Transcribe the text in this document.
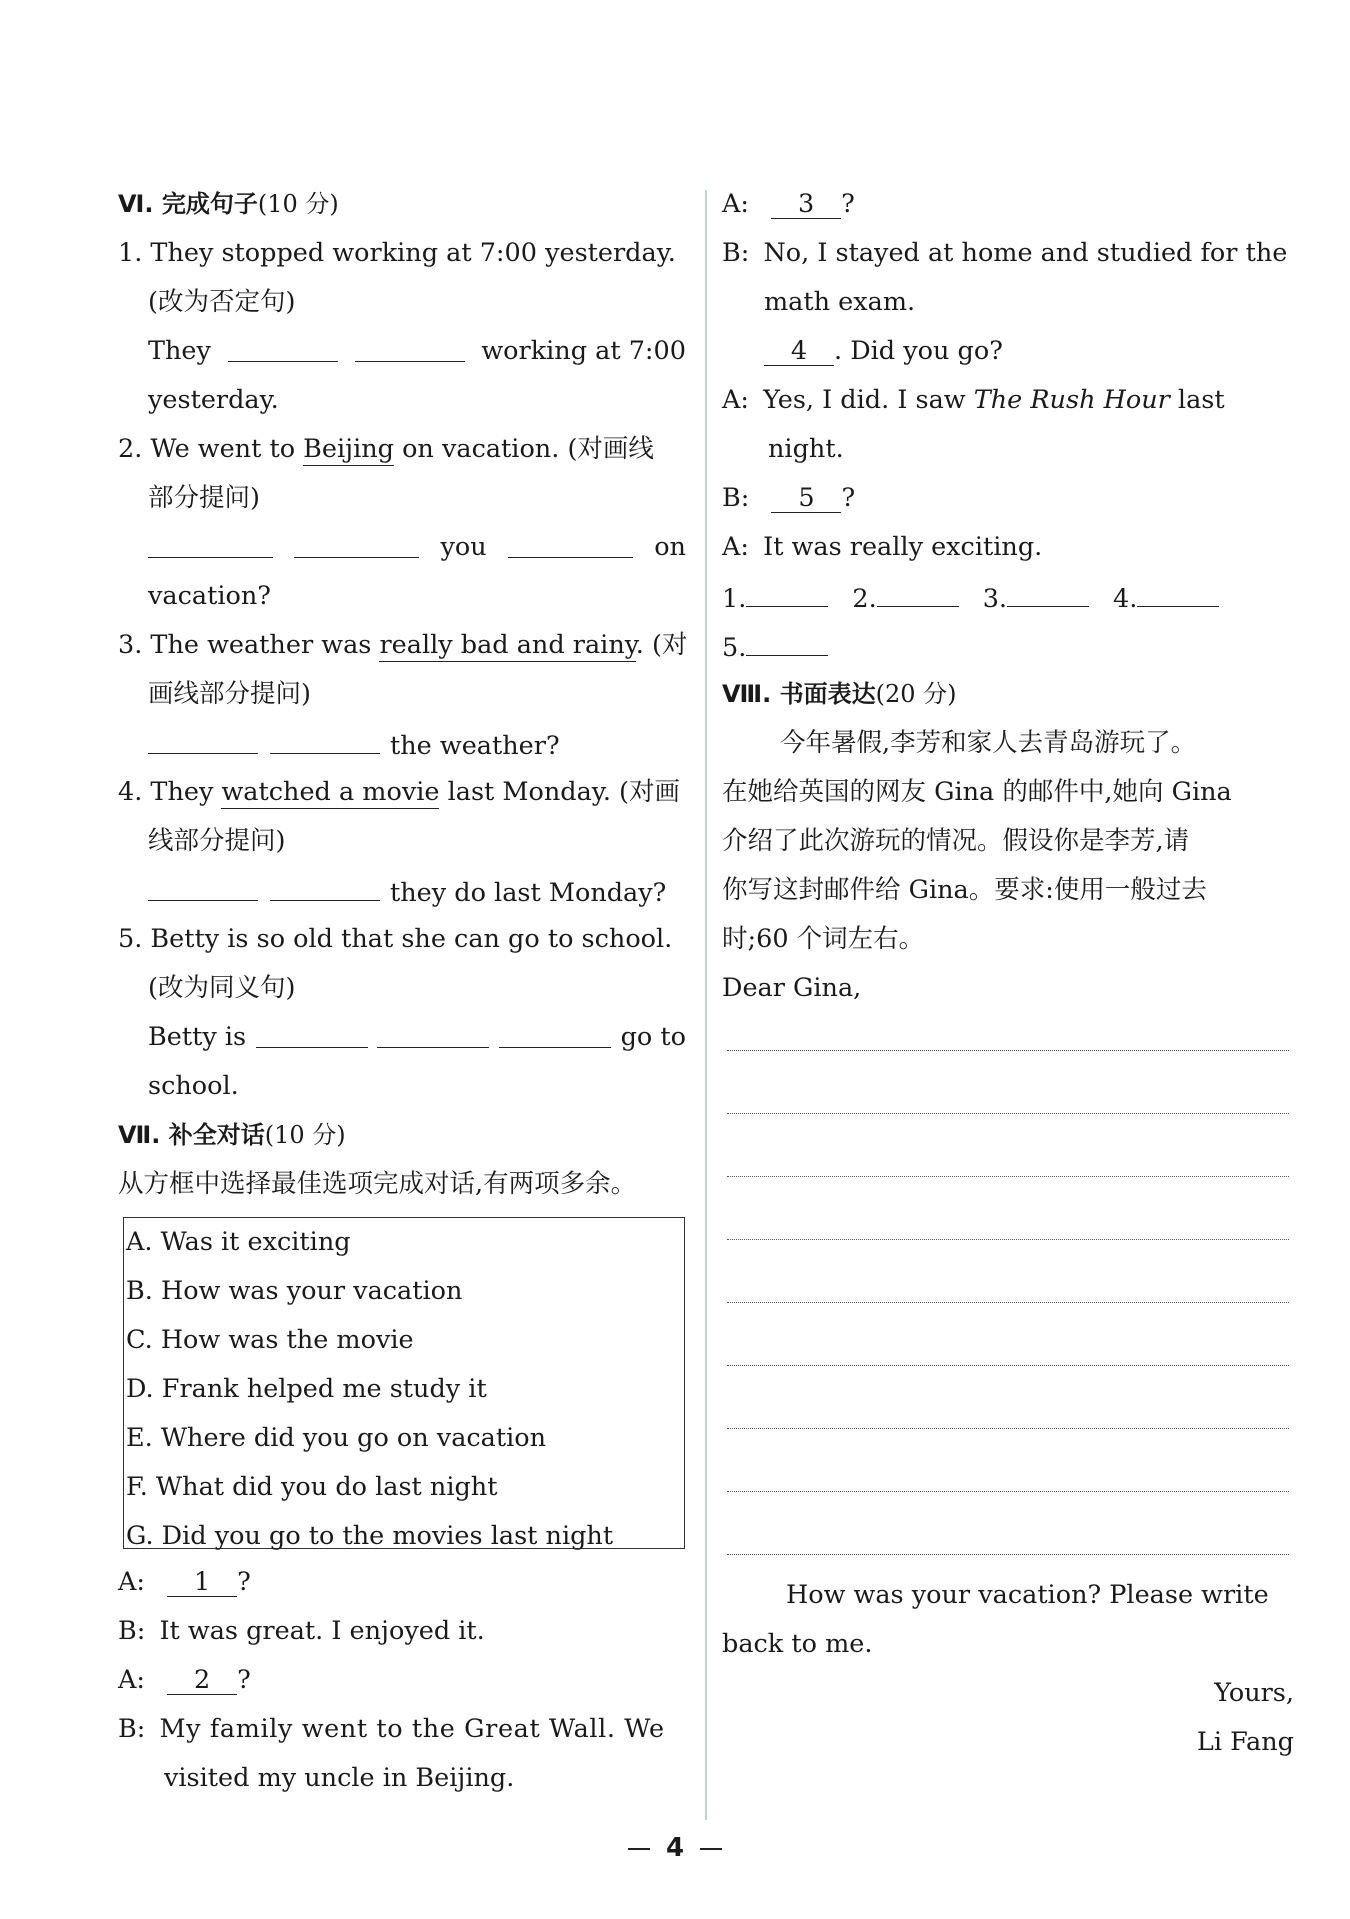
Ⅵ. 完成句子(10 分)
1. They stopped working at 7:00 yesterday.
(改为否定句)
They	working at 7:00
yesterday.
2. We went to Beijing on vacation. (对画线
部分提问)
you	on
vacation?
3. The weather was really bad and rainy. (对
画线部分提问)
the weather?
4. They watched a movie last Monday. (对画
线部分提问)
they do last Monday?
5. Betty is so old that she can go to school.
(改为同义句)
Betty is	go to
school.
Ⅶ. 补全对话(10 分)
从方框中选择最佳选项完成对话,有两项多余。
A. Was it exciting
B. How was your vacation
C. How was the movie
D. Frank helped me study it
E. Where did you go on vacation
F. What did you do last night
G. Did you go to the movies last night
A: 1 ?
B: It was great. I enjoyed it.
A: 2 ?
B: My family went to the Great Wall. We
visited my uncle in Beijing.
A: 3 ?
B: No, I stayed at home and studied for the
math exam.
4 . Did you go?
A: Yes, I did. I saw The Rush Hour last
night.
B: 5 ?
A: It was really exciting.
1.	2.	3.	4.
5.
Ⅷ. 书面表达(20 分)
今年暑假,李芳和家人去青岛游玩了。
在她给英国的网友 Gina 的邮件中,她向 Gina
介绍了此次游玩的情况。假设你是李芳,请
你写这封邮件给 Gina。要求:使用一般过去
时;60 个词左右。
Dear Gina,
How was your vacation? Please write
back to me.
Yours,
Li Fang
4
